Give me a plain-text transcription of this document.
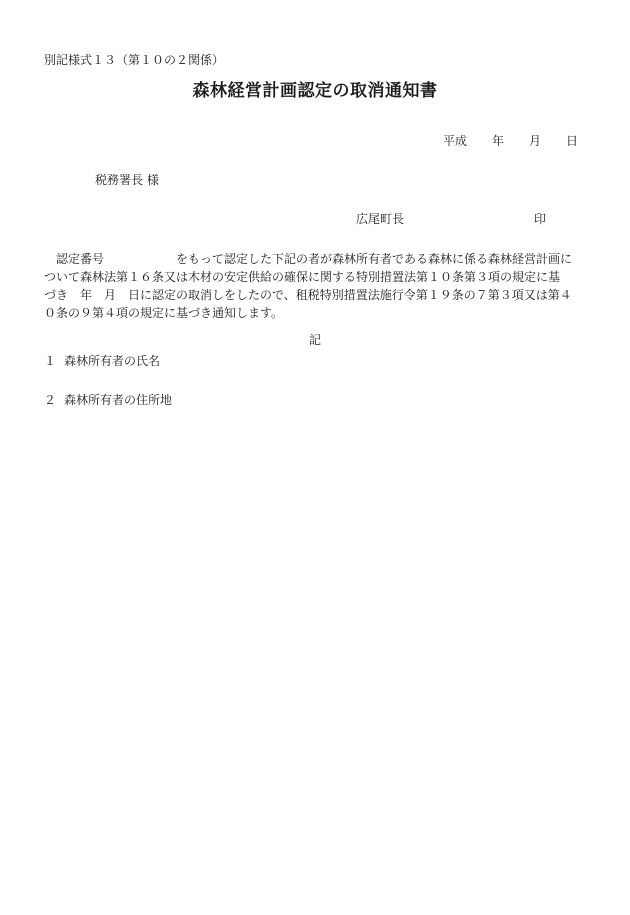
別記様式１３（第１０の２関係）
森林経営計画認定の取消通知書
平成 年 月 日
税務署長 様
広尾町長	印
　認定番号　　　　　　をもって認定した下記の者が森林所有者である森林に係る森林経営計画に
ついて森林法第１６条又は木材の安定供給の確保に関する特別措置法第１０条第３項の規定に基
づき　年　月　日に認定の取消しをしたので、租税特別措置法施行令第１９条の７第３項又は第４
０条の９第４項の規定に基づき通知します。
記
１ 森林所有者の氏名
２ 森林所有者の住所地
